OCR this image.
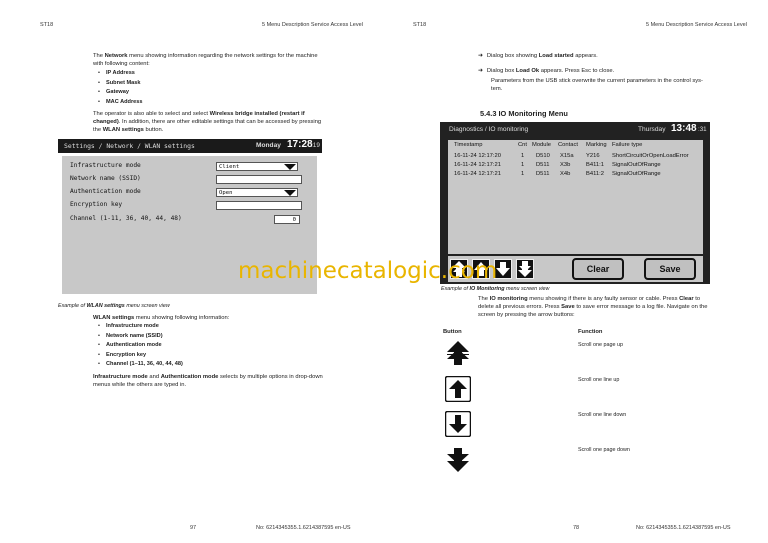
ST18	5 Menu Description Service Access Level	ST18	5 Menu Description Service Access Level
The Network menu showing information regarding the network settings for the machine
with following content:
• IP Address
• Subnet Mask
• Gateway
• MAC Address
The operator is also able to select and select Wireless bridge installed (restart if
changed). In addition, there are other editable settings that can be accessed by pressing
the WLAN settings button.
Settings / Network / WLAN settings	Monday 17:28
:19
Infrastructure mode	Client
Network name (SSID)
Authentication mode	Open
Encryption key
Channel (1-11, 36, 40, 44, 48)	0
Example of WLAN settings menu screen view
WLAN settings menu showing following information:
• Infrastructure mode
• Network name (SSID)
• Authentication mode
• Encryption key
• Channel (1–11, 36, 40, 44, 48)
Infrastructure mode and Authentication mode selects by multiple options in drop-down
menus while the others are typed in.
97	No: 6214345355.1.6214387595 en-US
➜ Dialog box showing Load started appears.
➜ Dialog box Load Ok appears. Press Esc to close.
Parameters from the USB stick overwrite the current parameters in the control sys-
tem.
5.4.3 IO Monitoring Menu
Diagnostics / IO monitoring	Thursday 13:48 :31
Timestamp	Cnt Module Contact Marking Failure type
16-11-24 12:17:20	1 D510 X15a Y216 ShortCircuitOrOpenLoadError
16-11-24 12:17:21	1 D511 X3b	B411:1 SignalOutOfRange
16-11-24 12:17:21	1 D511 X4b	B411:2 SignalOutOfRange
Clear	Save
machinecatalogic.com
Example of IO Monitoring menu screen view
The IO monitoring menu showing if there is any faulty sensor or cable. Press Clear to
delete all previous errors. Press Save to save error message to a log file. Navigate on the
screen by pressing the arrow buttons:
Button	Function
Scroll one page up
Scroll one line up
Scroll one line down
Scroll one page down
78	No: 6214345355.1.6214387595 en-US
